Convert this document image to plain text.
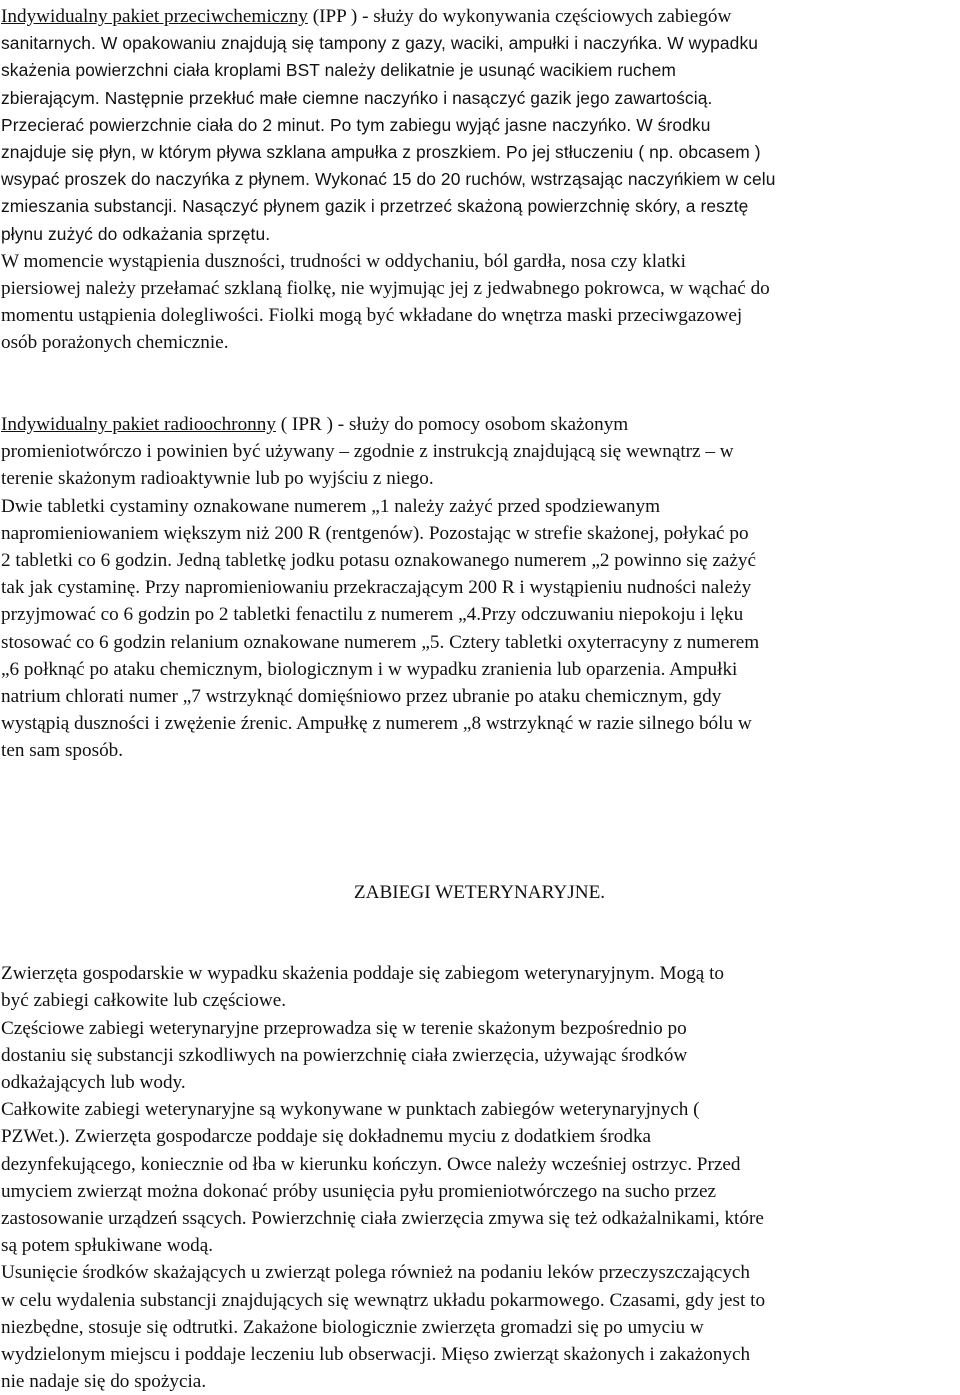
Indywidualny pakiet przeciwchemiczny (IPP ) - służy do wykonywania częściowych zabiegów

sanitarnych. W opakowaniu znajdują się tampony z gazy, waciki, ampułki i naczyńka. W wypadku
skażenia powierzchni ciała kroplami BST należy delikatnie je usunąć wacikiem ruchem
zbierającym. Następnie przekłuć małe ciemne naczyńko i nasączyć gazik jego zawartością.
Przecierać powierzchnie ciała do 2 minut. Po tym zabiegu wyjąć jasne naczyńko. W środku
znajduje się płyn, w którym pływa szklana ampułka z proszkiem. Po jej stłuczeniu ( np. obcasem )
wsypać proszek do naczyńka z płynem. Wykonać 15 do 20 ruchów, wstrząsając naczyńkiem w celu
zmieszania substancji. Nasączyć płynem gazik i przetrzeć skażoną powierzchnię skóry, a resztę
płynu zużyć do odkażania sprzętu.

W momencie wystąpienia duszności, trudności w oddychaniu, ból gardła, nosa czy klatki
piersiowej należy przełamać szklaną fiolkę, nie wyjmując jej z jedwabnego pokrowca, w wąchać do
momentu ustąpienia dolegliwości. Fiolki mogą być wkładane do wnętrza maski przeciwgazowej
osób porażonych chemicznie.

Indywidualny pakiet radioochronny ( IPR ) - służy do pomocy osobom skażonym
promieniotwórczo i powinien być używany – zgodnie z instrukcją znajdującą się wewnątrz – w
terenie skażonym radioaktywnie lub po wyjściu z niego.

Dwie tabletki cystaminy oznakowane numerem „1 należy zażyć przed spodziewanym
napromieniowaniem większym niż 200 R (rentgenów). Pozostając w strefie skażonej, połykać po
2 tabletki co 6 godzin. Jedną tabletkę jodku potasu oznakowanego numerem „2 powinno się zażyć
tak jak cystaminę. Przy napromieniowaniu przekraczającym 200 R i wystąpieniu nudności należy
przyjmować co 6 godzin po 2 tabletki fenactilu z numerem „4.Przy odczuwaniu niepokoju i lęku
stosować co 6 godzin relanium oznakowane numerem „5. Cztery tabletki oxyterracyny z numerem
„6 połknąć po ataku chemicznym, biologicznym i w wypadku zranienia lub oparzenia. Ampułki
natrium chlorati numer „7 wstrzyknąć domięśniowo przez ubranie po ataku chemicznym, gdy
wystąpią duszności i zwężenie źrenic. Ampułkę z numerem „8 wstrzyknąć w razie silnego bólu w
ten sam sposób.

ZABIEGI WETERYNARYJNE.

Zwierzęta gospodarskie w wypadku skażenia poddaje się zabiegom weterynaryjnym. Mogą to
być zabiegi całkowite lub częściowe.

Częściowe zabiegi weterynaryjne przeprowadza się w terenie skażonym bezpośrednio po
dostaniu się substancji szkodliwych na powierzchnię ciała zwierzęcia, używając środków
odkażających lub wody.

Całkowite zabiegi weterynaryjne są wykonywane w punktach zabiegów weterynaryjnych (
PZWet.). Zwierzęta gospodarcze poddaje się dokładnemu myciu z dodatkiem środka
dezynfekującego, koniecznie od łba w kierunku kończyn. Owce należy wcześniej ostrzyc. Przed
umyciem zwierząt można dokonać próby usunięcia pyłu promieniotwórczego na sucho przez
zastosowanie urządzeń ssących. Powierzchnię ciała zwierzęcia zmywa się też odkażalnikami, które
są potem spłukiwane wodą.

Usunięcie środków skażających u zwierząt polega również na podaniu leków przeczyszczających
w celu wydalenia substancji znajdujących się wewnątrz układu pokarmowego. Czasami, gdy jest to
niezbędne, stosuje się odtrutki. Zakażone biologicznie zwierzęta gromadzi się po umyciu w
wydzielonym miejscu i poddaje leczeniu lub obserwacji. Mięso zwierząt skażonych i zakażonych
nie nadaje się do spożycia.
